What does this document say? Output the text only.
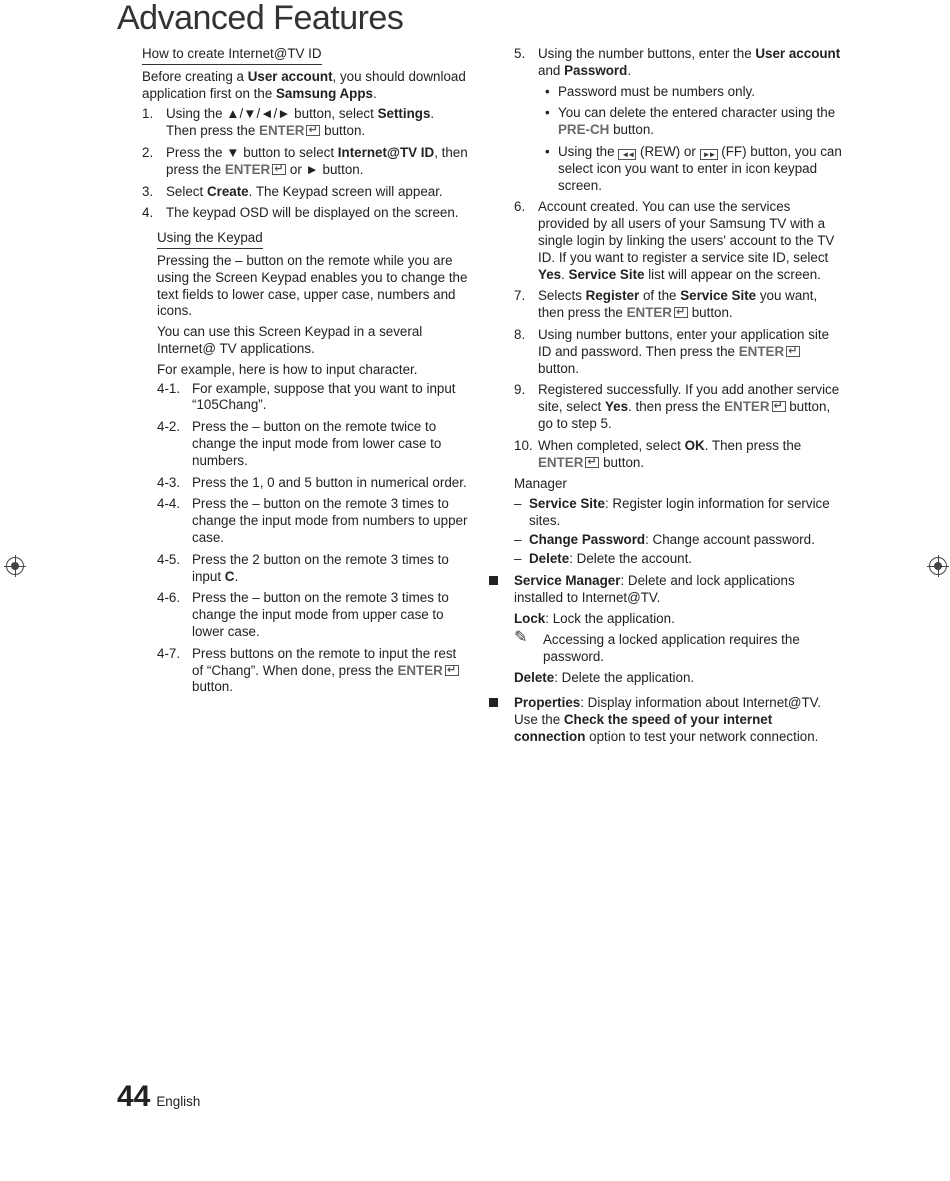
Advanced Features
How to create Internet@TV ID

Before creating a User account, you should download application first on the Samsung Apps.

1. Using the ▲/▼/◄/► button, select Settings. Then press the ENTER↵ button.
2. Press the ▼ button to select Internet@TV ID, then press the ENTER↵ or ► button.
3. Select Create. The Keypad screen will appear.
4. The keypad OSD will be displayed on the screen.
Using the Keypad

Pressing the – button on the remote while you are using the Screen Keypad enables you to change the text fields to lower case, upper case, numbers and icons.

You can use this Screen Keypad in a several Internet@ TV applications.

For example, here is how to input character.

4-1. For example, suppose that you want to input “105Chang”.
4-2. Press the – button on the remote twice to change the input mode from lower case to numbers.
4-3. Press the 1, 0 and 5 button in numerical order.
4-4. Press the – button on the remote 3 times to change the input mode from numbers to upper case.
4-5. Press the 2 button on the remote 3 times to input C.
4-6. Press the – button on the remote 3 times to change the input mode from upper case to lower case.
4-7. Press buttons on the remote to input the rest of “Chang”. When done, press the ENTER↵
button.
5. Using the number buttons, enter the User account and Password.
• Password must be numbers only.
• You can delete the entered character using the PRE-CH button.
• Using the ◄◄ (REW) or ►► (FF) button, you can select icon you want to enter in icon keypad screen.
6. Account created. You can use the services provided by all users of your Samsung TV with a single login by linking the users' account to the TV ID. If you want to register a service site ID, select Yes. Service Site list will appear on the screen.
7. Selects Register of the Service Site you want, then press the ENTER↵ button.
8. Using number buttons, enter your application site ID and password. Then press the ENTER↵ button.
9. Registered successfully. If you add another service site, select Yes. then press the ENTER↵ button, go to step 5.
10. When completed, select OK. Then press the
ENTER↵ button.
Manager
– Service Site: Register login information for service sites.
– Change Password: Change account password.
– Delete: Delete the account.

Service Manager: Delete and lock applications installed to Internet@TV.

Lock: Lock the application.

✎ Accessing a locked application requires the password.

Delete: Delete the application.

Properties: Display information about Internet@TV. Use the Check the speed of your internet connection option to test your network connection.

44 English
